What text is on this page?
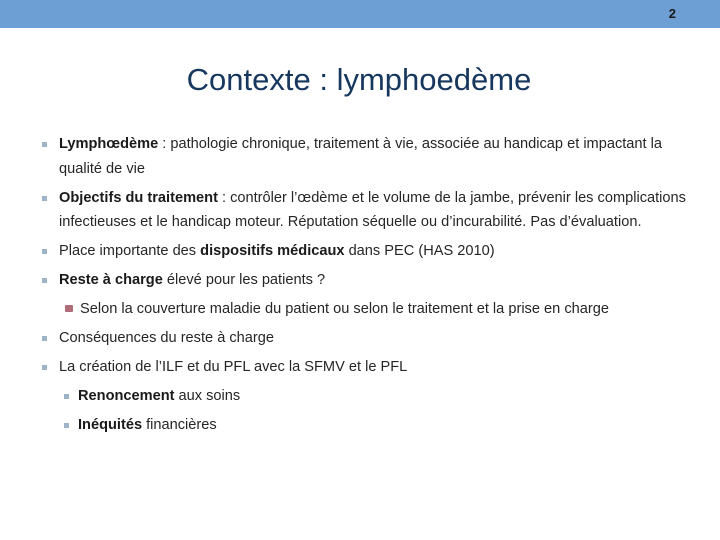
2
Contexte : lymphoedème
Lymphœdème : pathologie chronique, traitement à vie, associée au handicap et impactant la qualité de vie
Objectifs du traitement : contrôler l’œdème et le volume de la jambe, prévenir les complications infectieuses et le handicap moteur. Réputation séquelle ou d’incurabilité. Pas d’évaluation.
Place importante des dispositifs médicaux dans PEC (HAS 2010)
Reste à charge élevé pour les patients ?
Selon la couverture maladie du patient ou selon le traitement et la prise en charge
Conséquences du reste à charge
La création de l’ILF et du PFL avec la SFMV et le PFL
Renoncement aux soins
Inéquités financières
